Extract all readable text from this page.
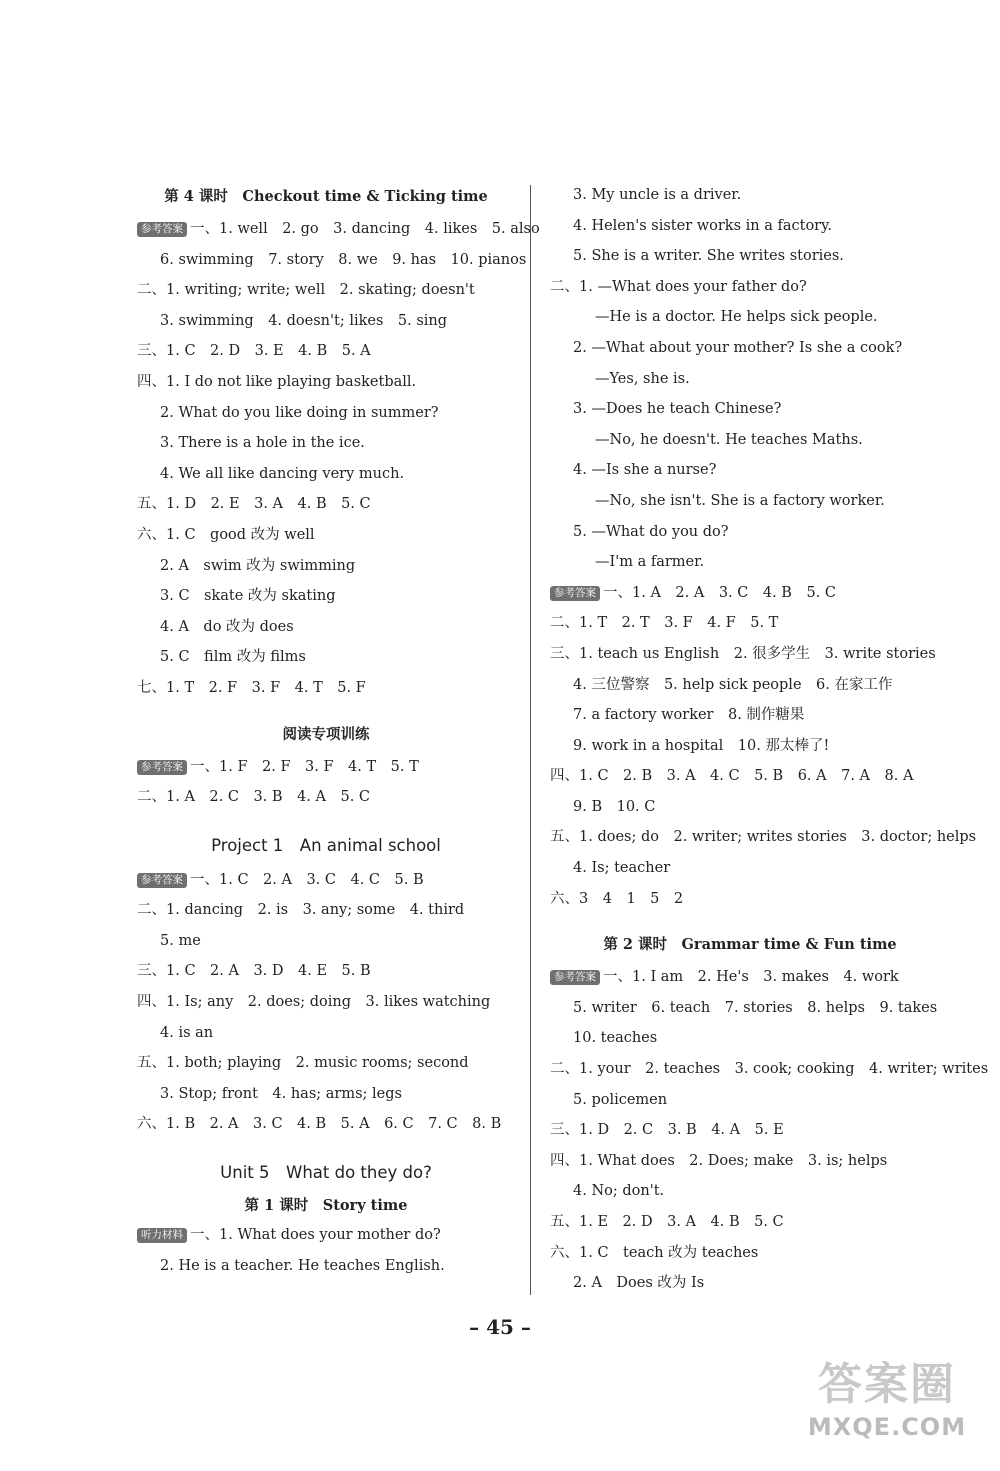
第 4 课时　Checkout time & Ticking time
参考答案 一、1. well　2. go　3. dancing　4. likes　5. also
6. swimming　7. story　8. we　9. has　10. pianos
二、1. writing; write; well　2. skating; doesn't
3. swimming　4. doesn't; likes　5. sing
三、1. C　2. D　3. E　4. B　5. A
四、1. I do not like playing basketball.
2. What do you like doing in summer?
3. There is a hole in the ice.
4. We all like dancing very much.
五、1. D　2. E　3. A　4. B　5. C
六、1. C　good 改为 well
2. A　swim 改为 swimming
3. C　skate 改为 skating
4. A　do 改为 does
5. C　film 改为 films
七、1. T　2. F　3. F　4. T　5. F
阅读专项训练
参考答案 一、1. F　2. F　3. F　4. T　5. T
二、1. A　2. C　3. B　4. A　5. C
Project 1　An animal school
参考答案 一、1. C　2. A　3. C　4. C　5. B
二、1. dancing　2. is　3. any; some　4. third
5. me
三、1. C　2. A　3. D　4. E　5. B
四、1. Is; any　2. does; doing　3. likes watching
4. is an
五、1. both; playing　2. music rooms; second
3. Stop; front　4. has; arms; legs
六、1. B　2. A　3. C　4. B　5. A　6. C　7. C　8. B
Unit 5　What do they do?
第 1 课时　Story time
听力材料 一、1. What does your mother do?
2. He is a teacher. He teaches English.
3. My uncle is a driver.
4. Helen's sister works in a factory.
5. She is a writer. She writes stories.
二、1. —What does your father do?
—He is a doctor. He helps sick people.
2. —What about your mother? Is she a cook?
—Yes, she is.
3. —Does he teach Chinese?
—No, he doesn't. He teaches Maths.
4. —Is she a nurse?
—No, she isn't. She is a factory worker.
5. —What do you do?
—I'm a farmer.
参考答案 一、1. A　2. A　3. C　4. B　5. C
二、1. T　2. T　3. F　4. F　5. T
三、1. teach us English　2. 很多学生　3. write stories
4. 三位警察　5. help sick people　6. 在家工作
7. a factory worker　8. 制作糖果
9. work in a hospital　10. 那太棒了!
四、1. C　2. B　3. A　4. C　5. B　6. A　7. A　8. A
9. B　10. C
五、1. does; do　2. writer; writes stories　3. doctor; helps
4. Is; teacher
六、3　4　1　5　2
第 2 课时　Grammar time & Fun time
参考答案 一、1. I am　2. He's　3. makes　4. work
5. writer　6. teach　7. stories　8. helps　9. takes
10. teaches
二、1. your　2. teaches　3. cook; cooking　4. writer; writes
5. policemen
三、1. D　2. C　3. B　4. A　5. E
四、1. What does　2. Does; make　3. is; helps
4. No; don't.
五、1. E　2. D　3. A　4. B　5. C
六、1. C　teach 改为 teaches
2. A　Does 改为 Is
– 45 –
答案圈
MXQE.COM
